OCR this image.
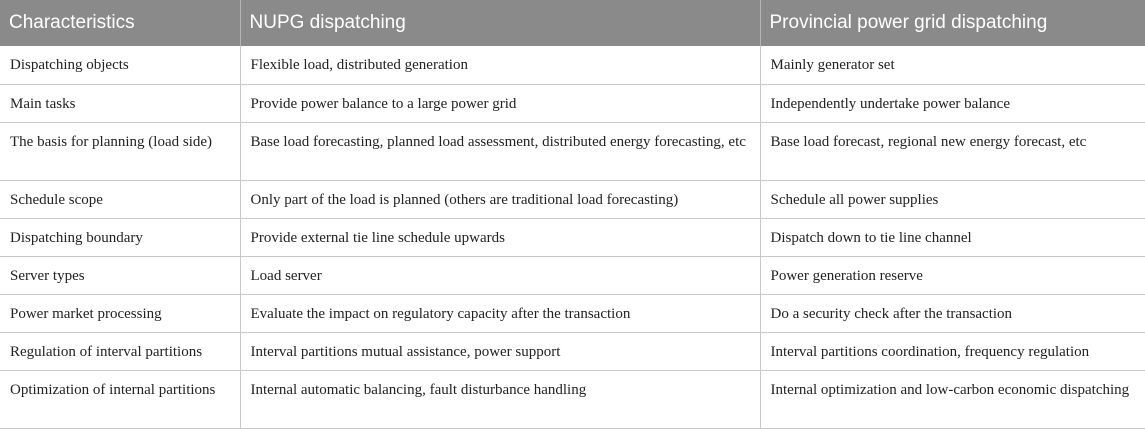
Characteristics	NUPG dispatching	Provincial power grid dispatching
Dispatching objects	Flexible load, distributed generation	Mainly generator set
Main tasks	Provide power balance to a large power grid	Independently undertake power balance
The basis for planning (load side)	Base load forecasting, planned load assessment, distributed energy forecasting, etc	Base load forecast, regional new energy forecast, etc
Schedule scope	Only part of the load is planned (others are traditional load forecasting)	Schedule all power supplies
Dispatching boundary	Provide external tie line schedule upwards	Dispatch down to tie line channel
Server types	Load server	Power generation reserve
Power market processing	Evaluate the impact on regulatory capacity after the transaction	Do a security check after the transaction
Regulation of interval partitions	Interval partitions mutual assistance, power support	Interval partitions coordination, frequency regulation
Optimization of internal partitions	Internal automatic balancing, fault disturbance handling	Internal optimization and low-carbon economic dispatching
